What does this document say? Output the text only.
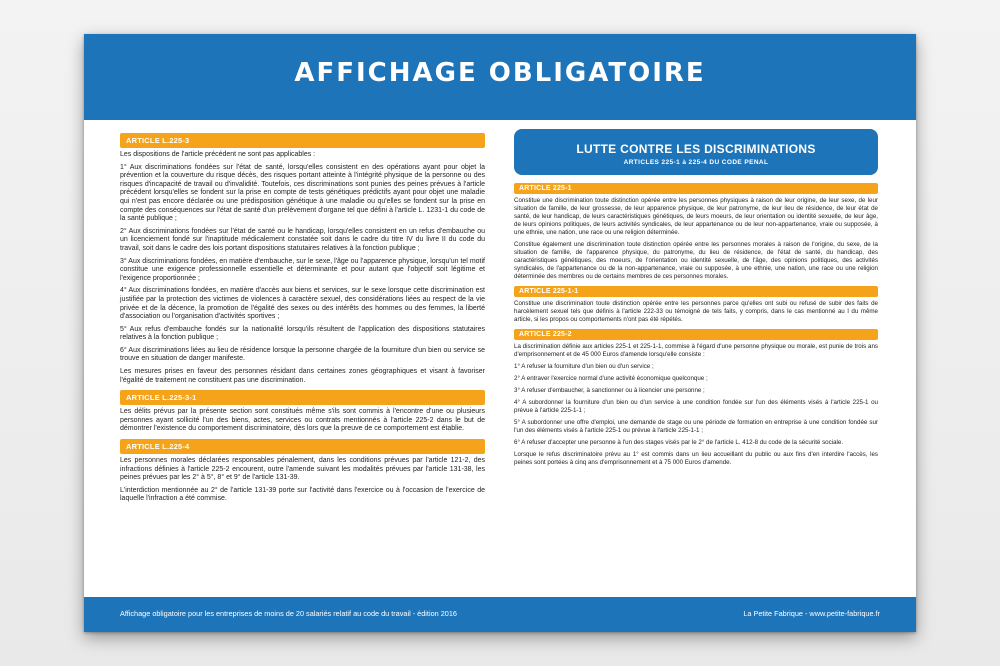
AFFICHAGE OBLIGATOIRE
ARTICLE L.225-3

Les dispositions de l'article précédent ne sont pas applicables :

1° Aux discriminations fondées sur l'état de santé, lorsqu'elles consistent en des opérations ayant pour objet la prévention et la couverture du risque décès, des risques portant atteinte à l'intégrité physique de la personne ou des risques d'incapacité de travail ou d'invalidité. Toutefois, ces discriminations sont punies des peines prévues à l'article précédent lorsqu'elles se fondent sur la prise en compte de tests génétiques prédictifs ayant pour objet une maladie qui n'est pas encore déclarée ou une prédisposition génétique à une maladie ou qu'elles se fondent sur la prise en compte des conséquences sur l'état de santé d'un prélèvement d'organe tel que défini à l'article L. 1231-1 du code de la santé publique ;

2° Aux discriminations fondées sur l'état de santé ou le handicap, lorsqu'elles consistent en un refus d'embauche ou un licenciement fondé sur l'inaptitude médicalement constatée soit dans le cadre du titre IV du livre II du code du travail, soit dans le cadre des lois portant dispositions statutaires relatives à la fonction publique ;

3° Aux discriminations fondées, en matière d'embauche, sur le sexe, l'âge ou l'apparence physique, lorsqu'un tel motif constitue une exigence professionnelle essentielle et déterminante et pour autant que l'objectif soit légitime et l'exigence proportionnée ;

4° Aux discriminations fondées, en matière d'accès aux biens et services, sur le sexe lorsque cette discrimination est justifiée par la protection des victimes de violences à caractère sexuel, des considérations liées au respect de la vie privée et de la décence, la promotion de l'égalité des sexes ou des intérêts des hommes ou des femmes, la liberté d'association ou l'organisation d'activités sportives ;

5° Aux refus d'embauche fondés sur la nationalité lorsqu'ils résultent de l'application des dispositions statutaires relatives à la fonction publique ;

6° Aux discriminations liées au lieu de résidence lorsque la personne chargée de la fourniture d'un bien ou service se trouve en situation de danger manifeste.

Les mesures prises en faveur des personnes résidant dans certaines zones géographiques et visant à favoriser l'égalité de traitement ne constituent pas une discrimination.

ARTICLE L.225-3-1

Les délits prévus par la présente section sont constitués même s'ils sont commis à l'encontre d'une ou plusieurs personnes ayant sollicité l'un des biens, actes, services ou contrats mentionnés à l'article 225-2 dans le but de démontrer l'existence du comportement discriminatoire, dès lors que la preuve de ce comportement est établie.

ARTICLE L.225-4

Les personnes morales déclarées responsables pénalement, dans les conditions prévues par l'article 121-2, des infractions définies à l'article 225-2 encourent, outre l'amende suivant les modalités prévues par l'article 131-38, les peines prévues par les 2° à 5°, 8° et 9° de l'article 131-39.

L'interdiction mentionnée au 2° de l'article 131-39 porte sur l'activité dans l'exercice ou à l'occasion de l'exercice de laquelle l'infraction a été commise.

LUTTE CONTRE LES DISCRIMINATIONS
ARTICLES 225-1 à 225-4 DU CODE PENAL
ARTICLE 225-1

Constitue une discrimination toute distinction opérée entre les personnes physiques à raison de leur origine, de leur sexe, de leur situation de famille, de leur grossesse, de leur apparence physique, de leur patronyme, de leur lieu de résidence, de leur état de santé, de leur handicap, de leurs caractéristiques génétiques, de leurs moeurs, de leur orientation ou identité sexuelle, de leur âge, de leurs opinions politiques, de leurs activités syndicales, de leur appartenance ou de leur non-appartenance, vraie ou supposée, à une ethnie, une nation, une race ou une religion déterminée.

Constitue également une discrimination toute distinction opérée entre les personnes morales à raison de l'origine, du sexe, de la situation de famille, de l'apparence physique, du patronyme, du lieu de résidence, de l'état de santé, du handicap, des caractéristiques génétiques, des moeurs, de l'orientation ou identité sexuelle, de l'âge, des opinions politiques, des activités syndicales, de l'appartenance ou de la non-appartenance, vraie ou supposée, à une ethnie, une nation, une race ou une religion déterminée des membres ou de certains membres de ces personnes morales.

ARTICLE 225-1-1

Constitue une discrimination toute distinction opérée entre les personnes parce qu'elles ont subi ou refusé de subir des faits de harcèlement sexuel tels que définis à l'article 222-33 ou témoigné de tels faits, y compris, dans le cas mentionné au I du même article, si les propos ou comportements n'ont pas été répétés.

ARTICLE 225-2

La discrimination définie aux articles 225-1 et 225-1-1, commise à l'égard d'une personne physique ou morale, est punie de trois ans d'emprisonnement et de 45 000 Euros d'amende lorsqu'elle consiste :

1° A refuser la fourniture d'un bien ou d'un service ;

2° A entraver l'exercice normal d'une activité économique quelconque ;

3° A refuser d'embaucher, à sanctionner ou à licencier une personne ;

4° A subordonner la fourniture d'un bien ou d'un service à une condition fondée sur l'un des éléments visés à l'article 225-1 ou prévue à l'article 225-1-1 ;

5° A subordonner une offre d'emploi, une demande de stage ou une période de formation en entreprise à une condition fondée sur l'un des éléments visés à l'article 225-1 ou prévue à l'article 225-1-1 ;

6° A refuser d'accepter une personne à l'un des stages visés par le 2° de l'article L. 412-8 du code de la sécurité sociale.

Lorsque le refus discriminatoire prévu au 1° est commis dans un lieu accueillant du public ou aux fins d'en interdire l'accès, les peines sont portées à cinq ans d'emprisonnement et à 75 000 Euros d'amende.

Affichage obligatoire pour les entreprises de moins de 20 salariés relatif au code du travail - édition 2016	La Petite Fabrique - www.petite-fabrique.fr
